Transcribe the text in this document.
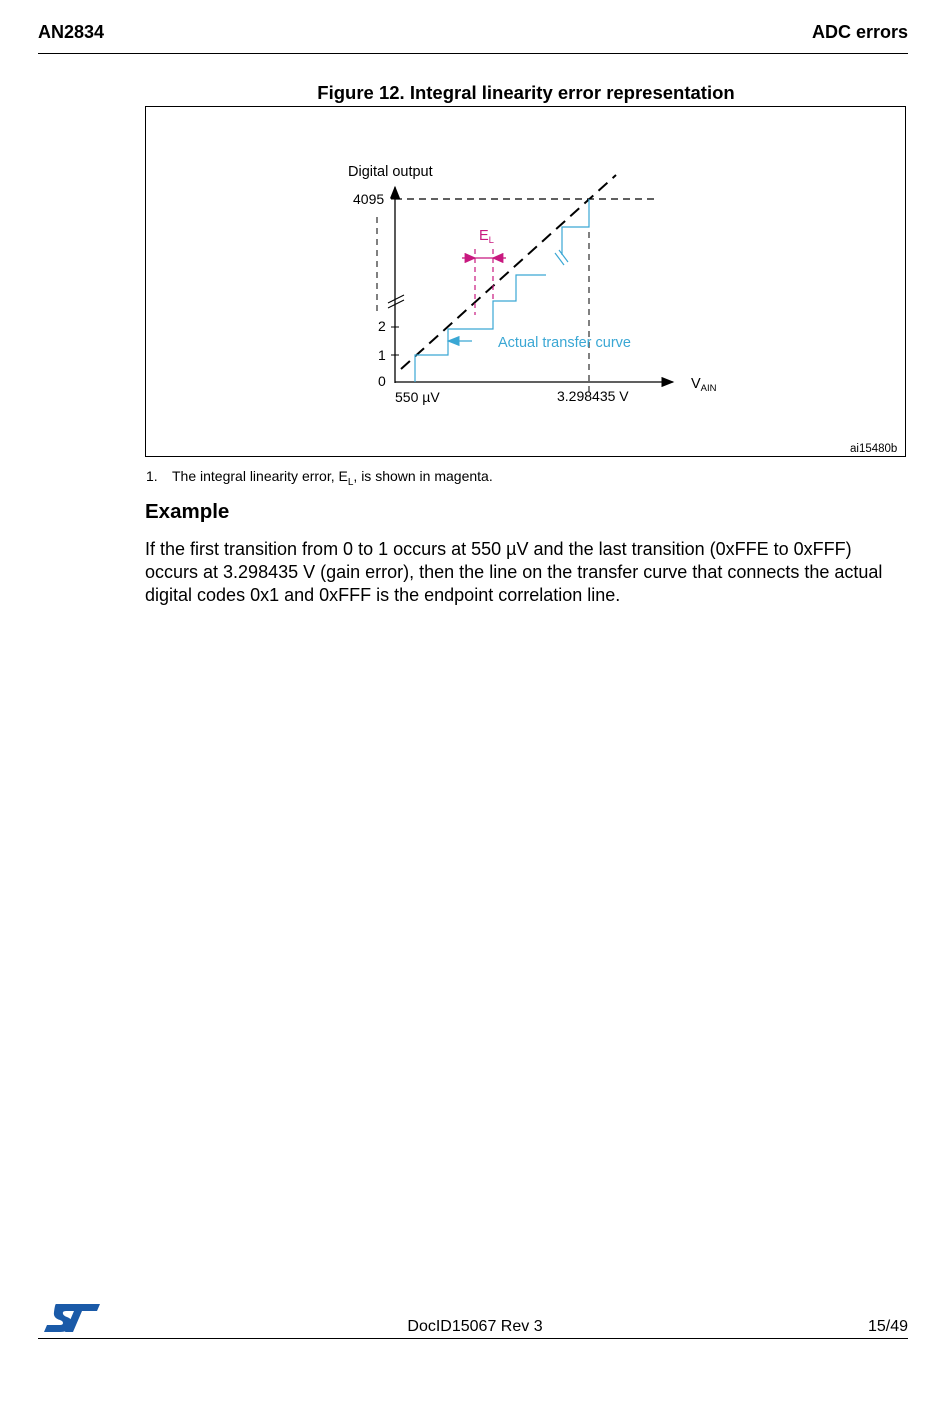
AN2834	ADC errors
Figure 12. Integral linearity error representation
Digital output
4095
2
1
0
550 µV	3.298435 V
$V_{AIN}$
$E_L$
Actual transfer curve
ai15480b
1. The integral linearity error, $E_L$, is shown in magenta.
Example
If the first transition from 0 to 1 occurs at 550 µV and the last transition (0xFFE to 0xFFF) occurs at 3.298435 V (gain error), then the line on the transfer curve that connects the actual digital codes 0x1 and 0xFFF is the endpoint correlation line.
DocID15067 Rev 3	15/49
